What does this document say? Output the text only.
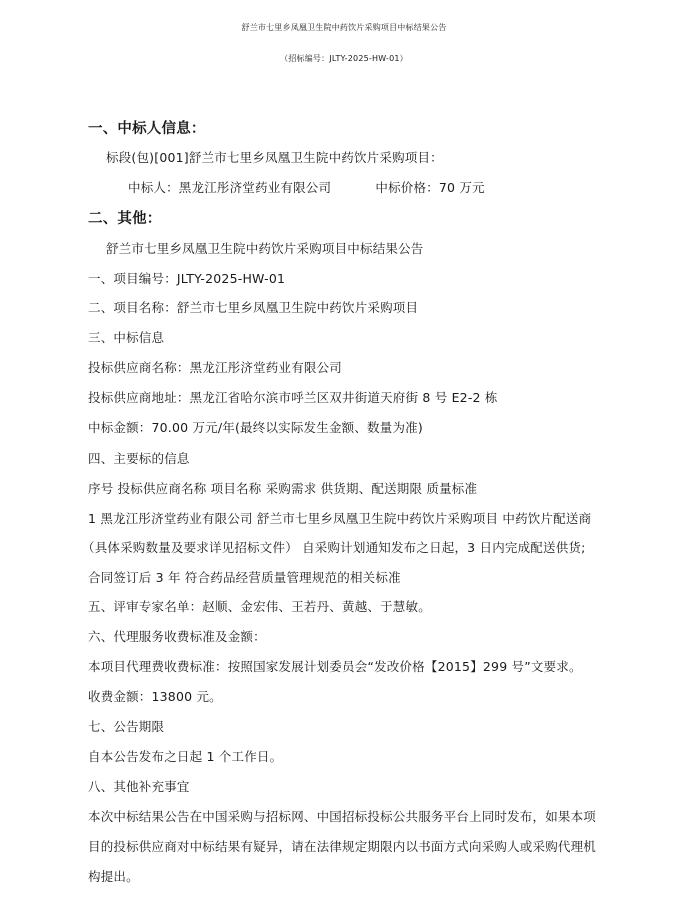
舒兰市七里乡凤凰卫生院中药饮片采购项目中标结果公告
（招标编号：JLTY-2025-HW-01）
一、中标人信息：
标段(包)[001]舒兰市七里乡凤凰卫生院中药饮片采购项目：
中标人：黑龙江彤济堂药业有限公司	中标价格：70 万元
二、其他：
舒兰市七里乡凤凰卫生院中药饮片采购项目中标结果公告
一、项目编号：JLTY-2025-HW-01
二、项目名称：舒兰市七里乡凤凰卫生院中药饮片采购项目
三、中标信息
投标供应商名称：黑龙江彤济堂药业有限公司
投标供应商地址：黑龙江省哈尔滨市呼兰区双井街道天府街 8 号 E2-2 栋
中标金额：70.00 万元/年(最终以实际发生金额、数量为准)
四、主要标的信息
序号 投标供应商名称 项目名称 采购需求 供货期、配送期限 质量标准
1 黑龙江彤济堂药业有限公司 舒兰市七里乡凤凰卫生院中药饮片采购项目 中药饮片配送商
（具体采购数量及要求详见招标文件） 自采购计划通知发布之日起，3 日内完成配送供货;
合同签订后 3 年 符合药品经营质量管理规范的相关标准
五、评审专家名单：赵顺、金宏伟、王若丹、黄越、于慧敏。
六、代理服务收费标准及金额：
本项目代理费收费标准：按照国家发展计划委员会“发改价格【2015】299 号”文要求。
收费金额：13800 元。
七、公告期限
自本公告发布之日起 1 个工作日。
八、其他补充事宜
本次中标结果公告在中国采购与招标网、中国招标投标公共服务平台上同时发布，如果本项
目的投标供应商对中标结果有疑异，请在法律规定期限内以书面方式向采购人或采购代理机
构提出。
